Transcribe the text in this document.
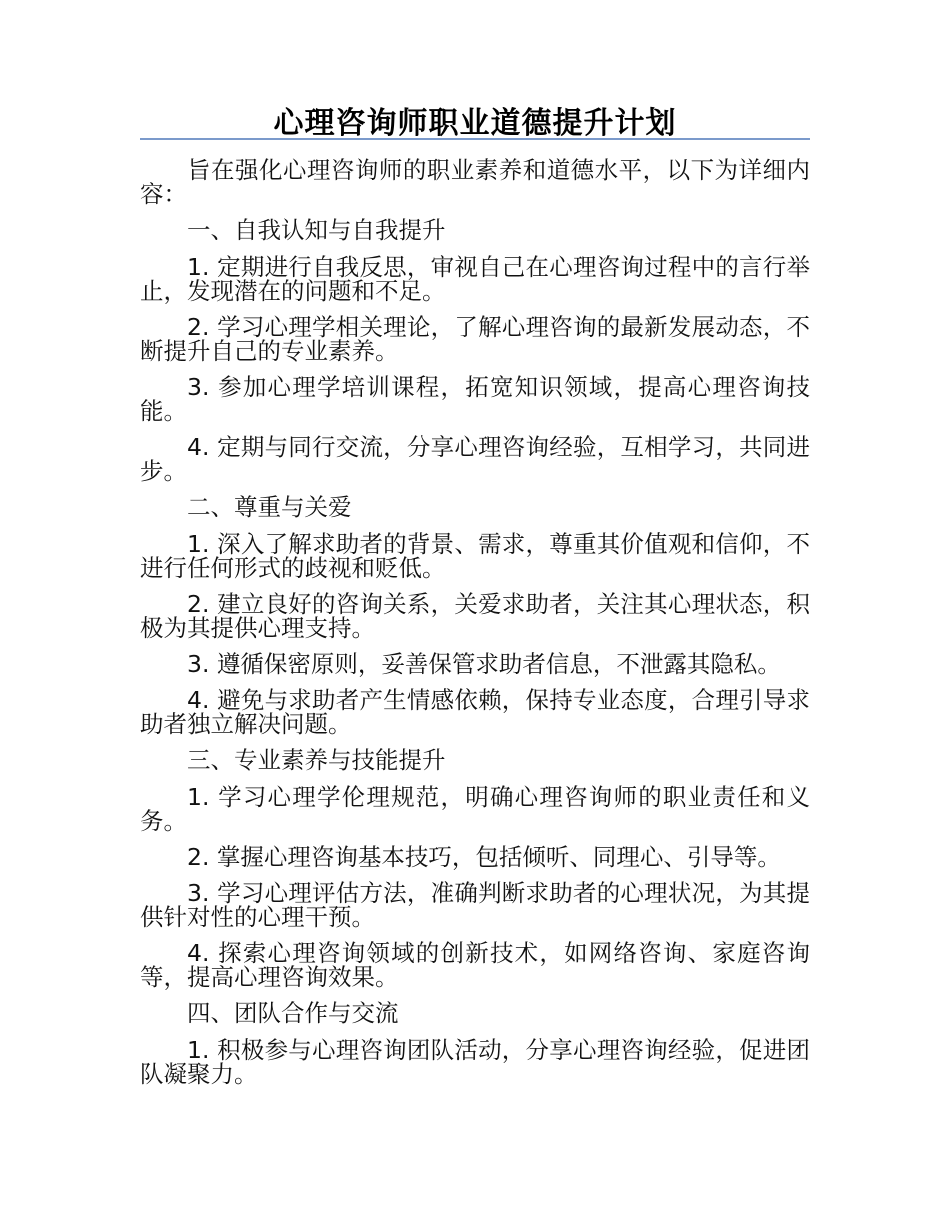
心理咨询师职业道德提升计划

旨在强化心理咨询师的职业素养和道德水平，以下为详细内容：

一、自我认知与自我提升

1. 定期进行自我反思，审视自己在心理咨询过程中的言行举止，发现潜在的问题和不足。

2. 学习心理学相关理论，了解心理咨询的最新发展动态，不断提升自己的专业素养。

3. 参加心理学培训课程，拓宽知识领域，提高心理咨询技能。

4. 定期与同行交流，分享心理咨询经验，互相学习，共同进步。

二、尊重与关爱

1. 深入了解求助者的背景、需求，尊重其价值观和信仰，不进行任何形式的歧视和贬低。

2. 建立良好的咨询关系，关爱求助者，关注其心理状态，积极为其提供心理支持。

3. 遵循保密原则，妥善保管求助者信息，不泄露其隐私。

4. 避免与求助者产生情感依赖，保持专业态度，合理引导求助者独立解决问题。

三、专业素养与技能提升

1. 学习心理学伦理规范，明确心理咨询师的职业责任和义务。

2. 掌握心理咨询基本技巧，包括倾听、同理心、引导等。

3. 学习心理评估方法，准确判断求助者的心理状况，为其提供针对性的心理干预。

4. 探索心理咨询领域的创新技术，如网络咨询、家庭咨询等，提高心理咨询效果。

四、团队合作与交流

1. 积极参与心理咨询团队活动，分享心理咨询经验，促进团队凝聚力。
